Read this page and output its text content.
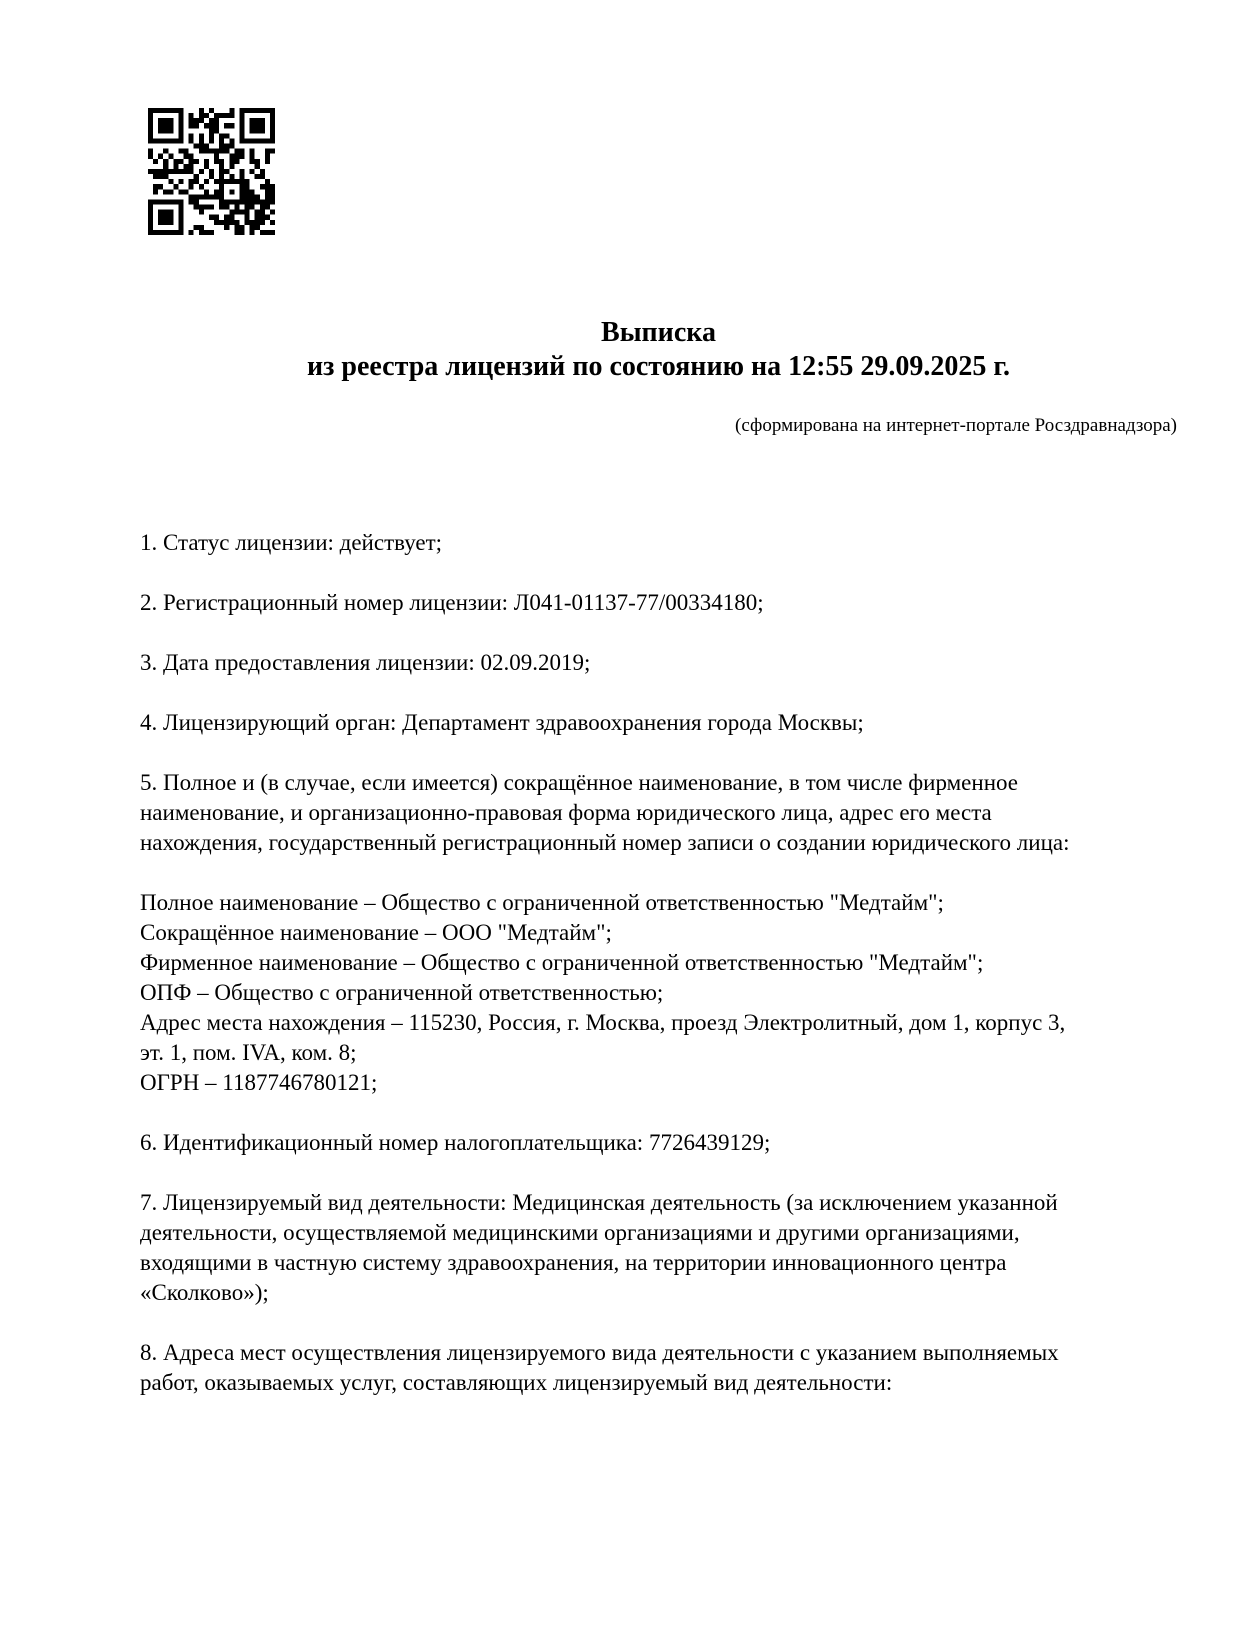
Выписка
из реестра лицензий по состоянию на 12:55 29.09.2025 г.
(сформирована на интернет-портале Росздравнадзора)
1. Статус лицензии: действует;
2. Регистрационный номер лицензии: Л041-01137-77/00334180;
3. Дата предоставления лицензии: 02.09.2019;
4. Лицензирующий орган: Департамент здравоохранения города Москвы;
5. Полное и (в случае, если имеется) сокращённое наименование, в том числе фирменное
наименование, и организационно-правовая форма юридического лица, адрес его места
нахождения, государственный регистрационный номер записи о создании юридического лица:
Полное наименование – Общество с ограниченной ответственностью "Медтайм";
Сокращённое наименование – ООО "Медтайм";
Фирменное наименование – Общество с ограниченной ответственностью "Медтайм";
ОПФ – Общество с ограниченной ответственностью;
Адрес места нахождения – 115230, Россия, г. Москва, проезд Электролитный, дом 1, корпус 3,
эт. 1, пом. IVA, ком. 8;
ОГРН – 1187746780121;
6. Идентификационный номер налогоплательщика: 7726439129;
7. Лицензируемый вид деятельности: Медицинская деятельность (за исключением указанной
деятельности, осуществляемой медицинскими организациями и другими организациями,
входящими в частную систему здравоохранения, на территории инновационного центра
«Сколково»);
8. Адреса мест осуществления лицензируемого вида деятельности с указанием выполняемых
работ, оказываемых услуг, составляющих лицензируемый вид деятельности:
